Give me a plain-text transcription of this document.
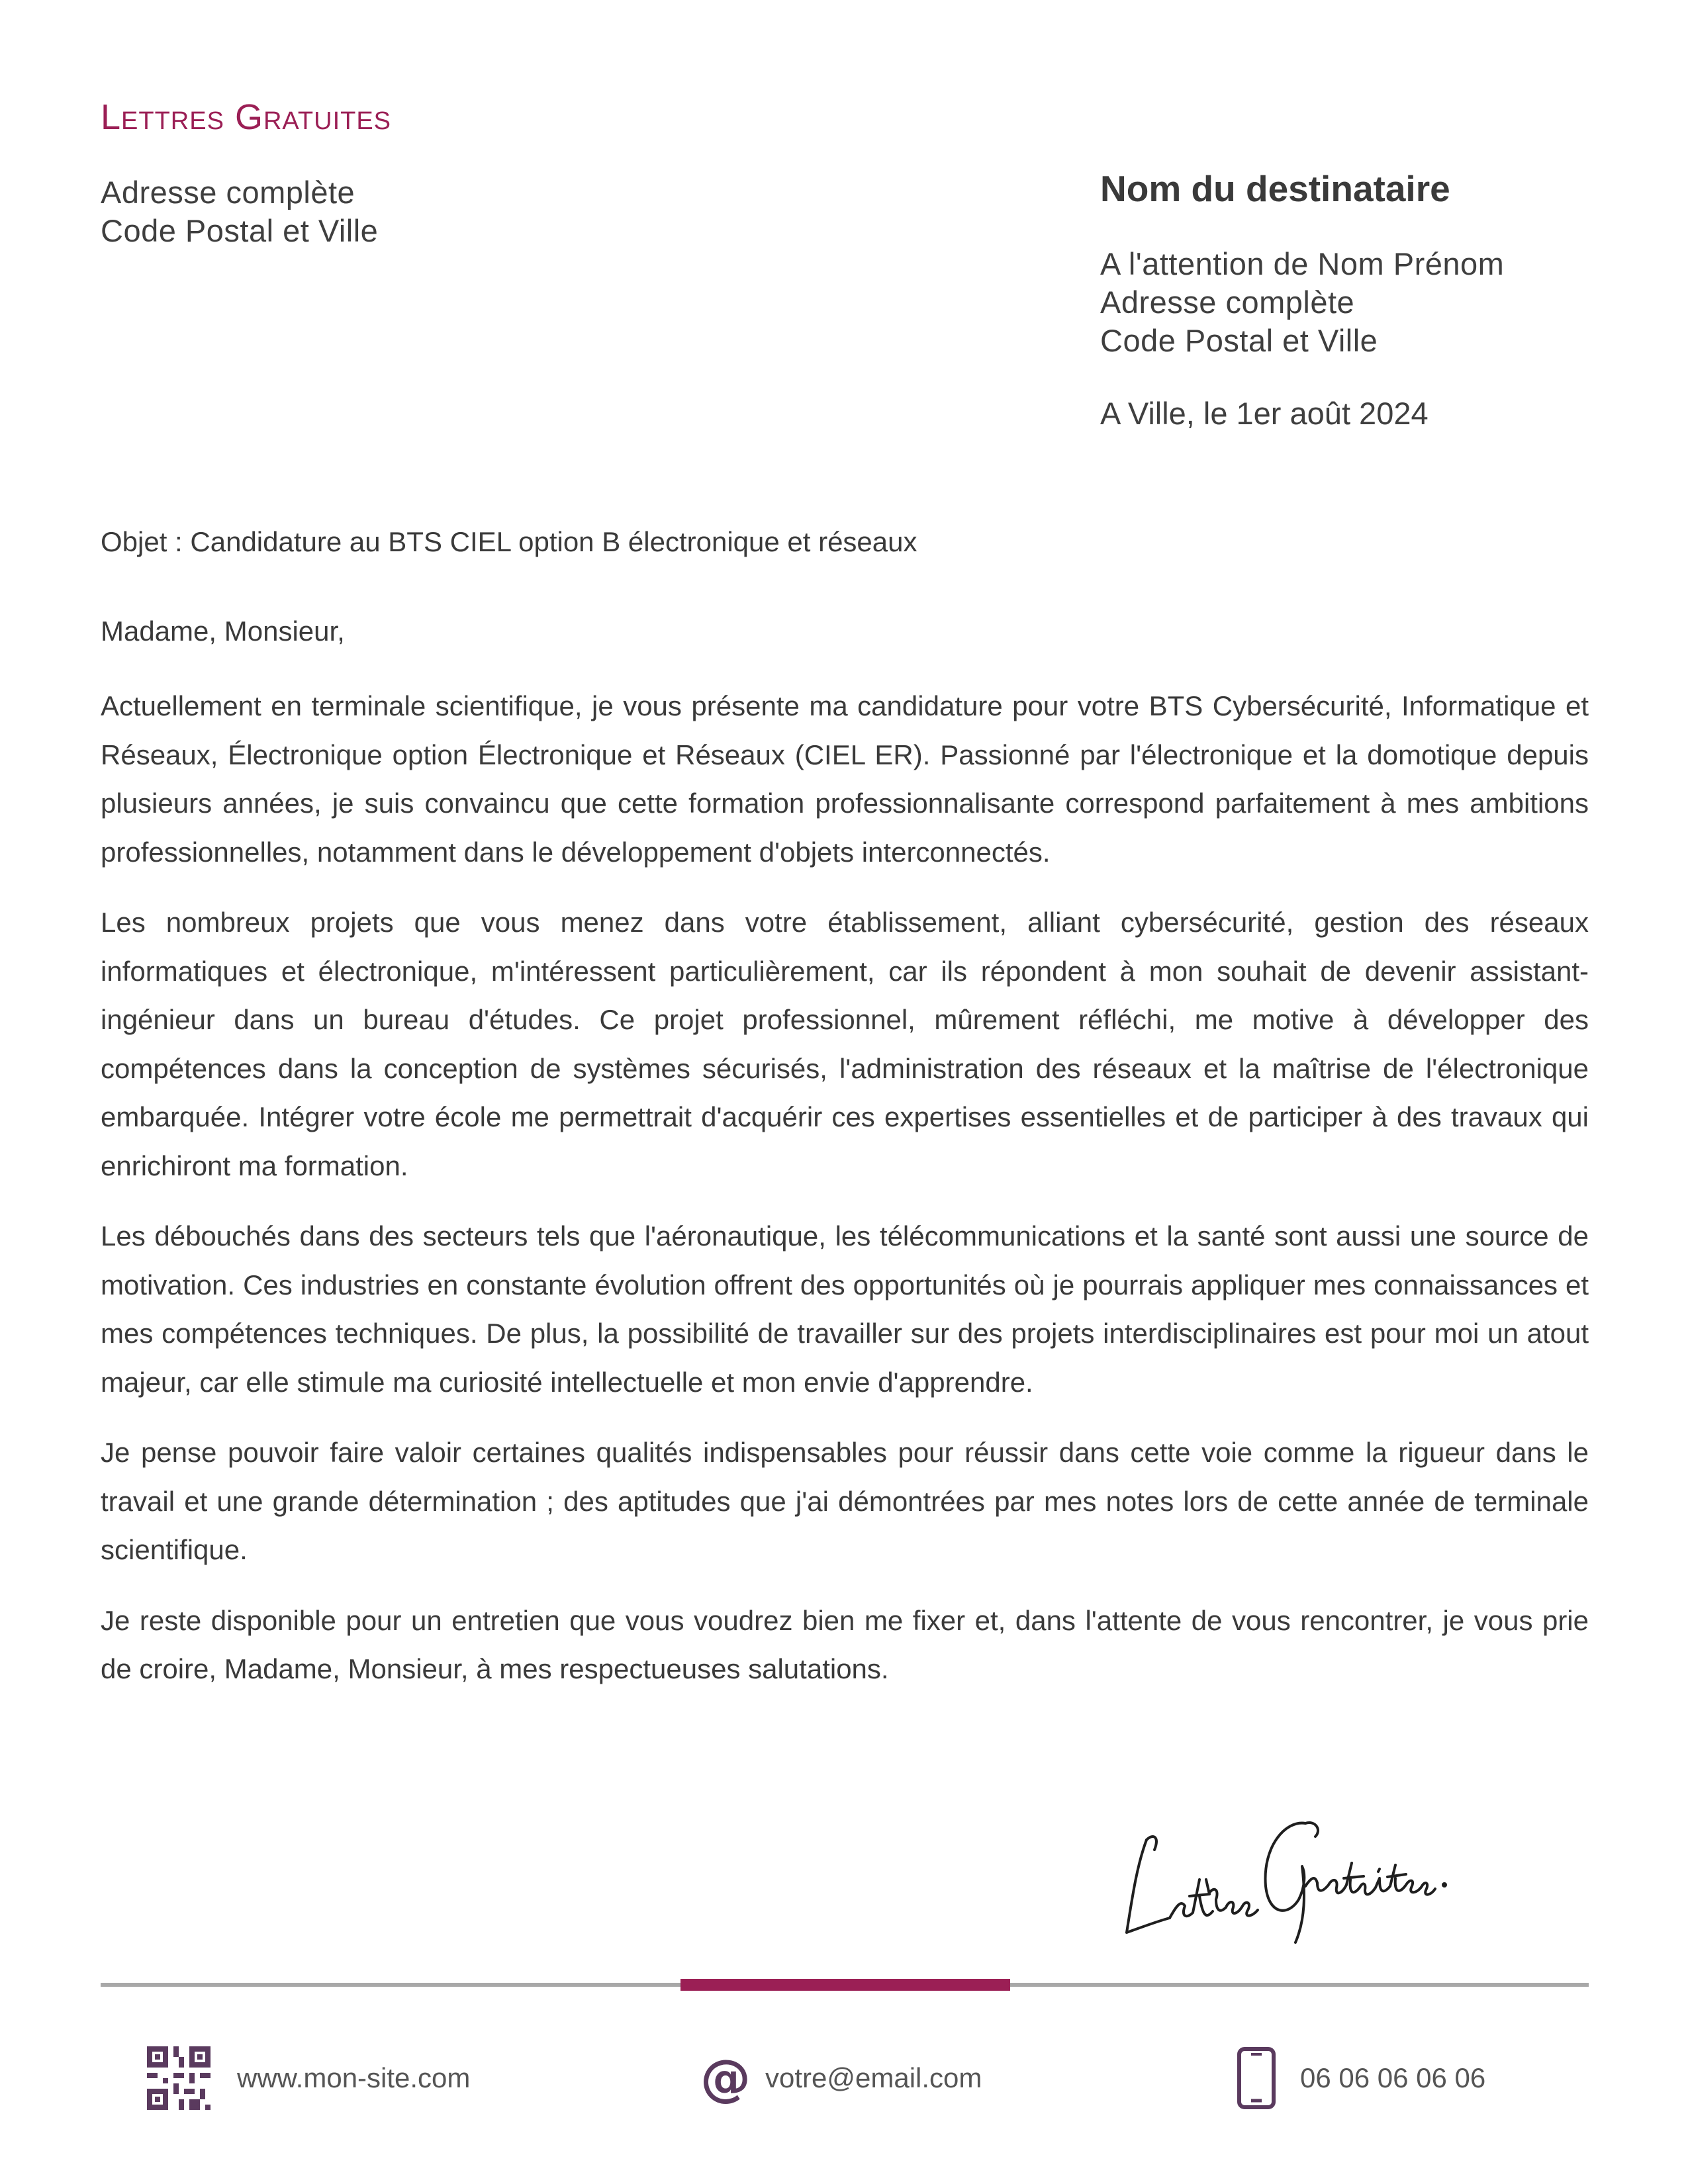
Lettres Gratuites
Adresse complète
Code Postal et Ville
Nom du destinataire
A l'attention de Nom Prénom
Adresse complète
Code Postal et Ville
A Ville, le 1er août 2024
Objet : Candidature au BTS CIEL option B électronique et réseaux
Madame, Monsieur,

Actuellement en terminale scientifique, je vous présente ma candidature pour votre BTS Cybersécurité, Informatique et Réseaux, Électronique option Électronique et Réseaux (CIEL ER). Passionné par l'électronique et la domotique depuis plusieurs années, je suis convaincu que cette formation professionnalisante correspond parfaitement à mes ambitions professionnelles, notamment dans le développement d'objets interconnectés.

Les nombreux projets que vous menez dans votre établissement, alliant cybersécurité, gestion des réseaux informatiques et électronique, m'intéressent particulièrement, car ils répondent à mon souhait de devenir assistant-ingénieur dans un bureau d'études. Ce projet professionnel, mûrement réfléchi, me motive à développer des compétences dans la conception de systèmes sécurisés, l'administration des réseaux et la maîtrise de l'électronique embarquée. Intégrer votre école me permettrait d'acquérir ces expertises essentielles et de participer à des travaux qui enrichiront ma formation.

Les débouchés dans des secteurs tels que l'aéronautique, les télécommunications et la santé sont aussi une source de motivation. Ces industries en constante évolution offrent des opportunités où je pourrais appliquer mes connaissances et mes compétences techniques. De plus, la possibilité de travailler sur des projets interdisciplinaires est pour moi un atout majeur, car elle stimule ma curiosité intellectuelle et mon envie d'apprendre.

Je pense pouvoir faire valoir certaines qualités indispensables pour réussir dans cette voie comme la rigueur dans le travail et une grande détermination ; des aptitudes que j'ai démontrées par mes notes lors de cette année de terminale scientifique.

Je reste disponible pour un entretien que vous voudrez bien me fixer et, dans l'attente de vous rencontrer, je vous prie de croire, Madame, Monsieur, à mes respectueuses salutations.

www.mon-site.com	@ votre@email.com	06 06 06 06 06
